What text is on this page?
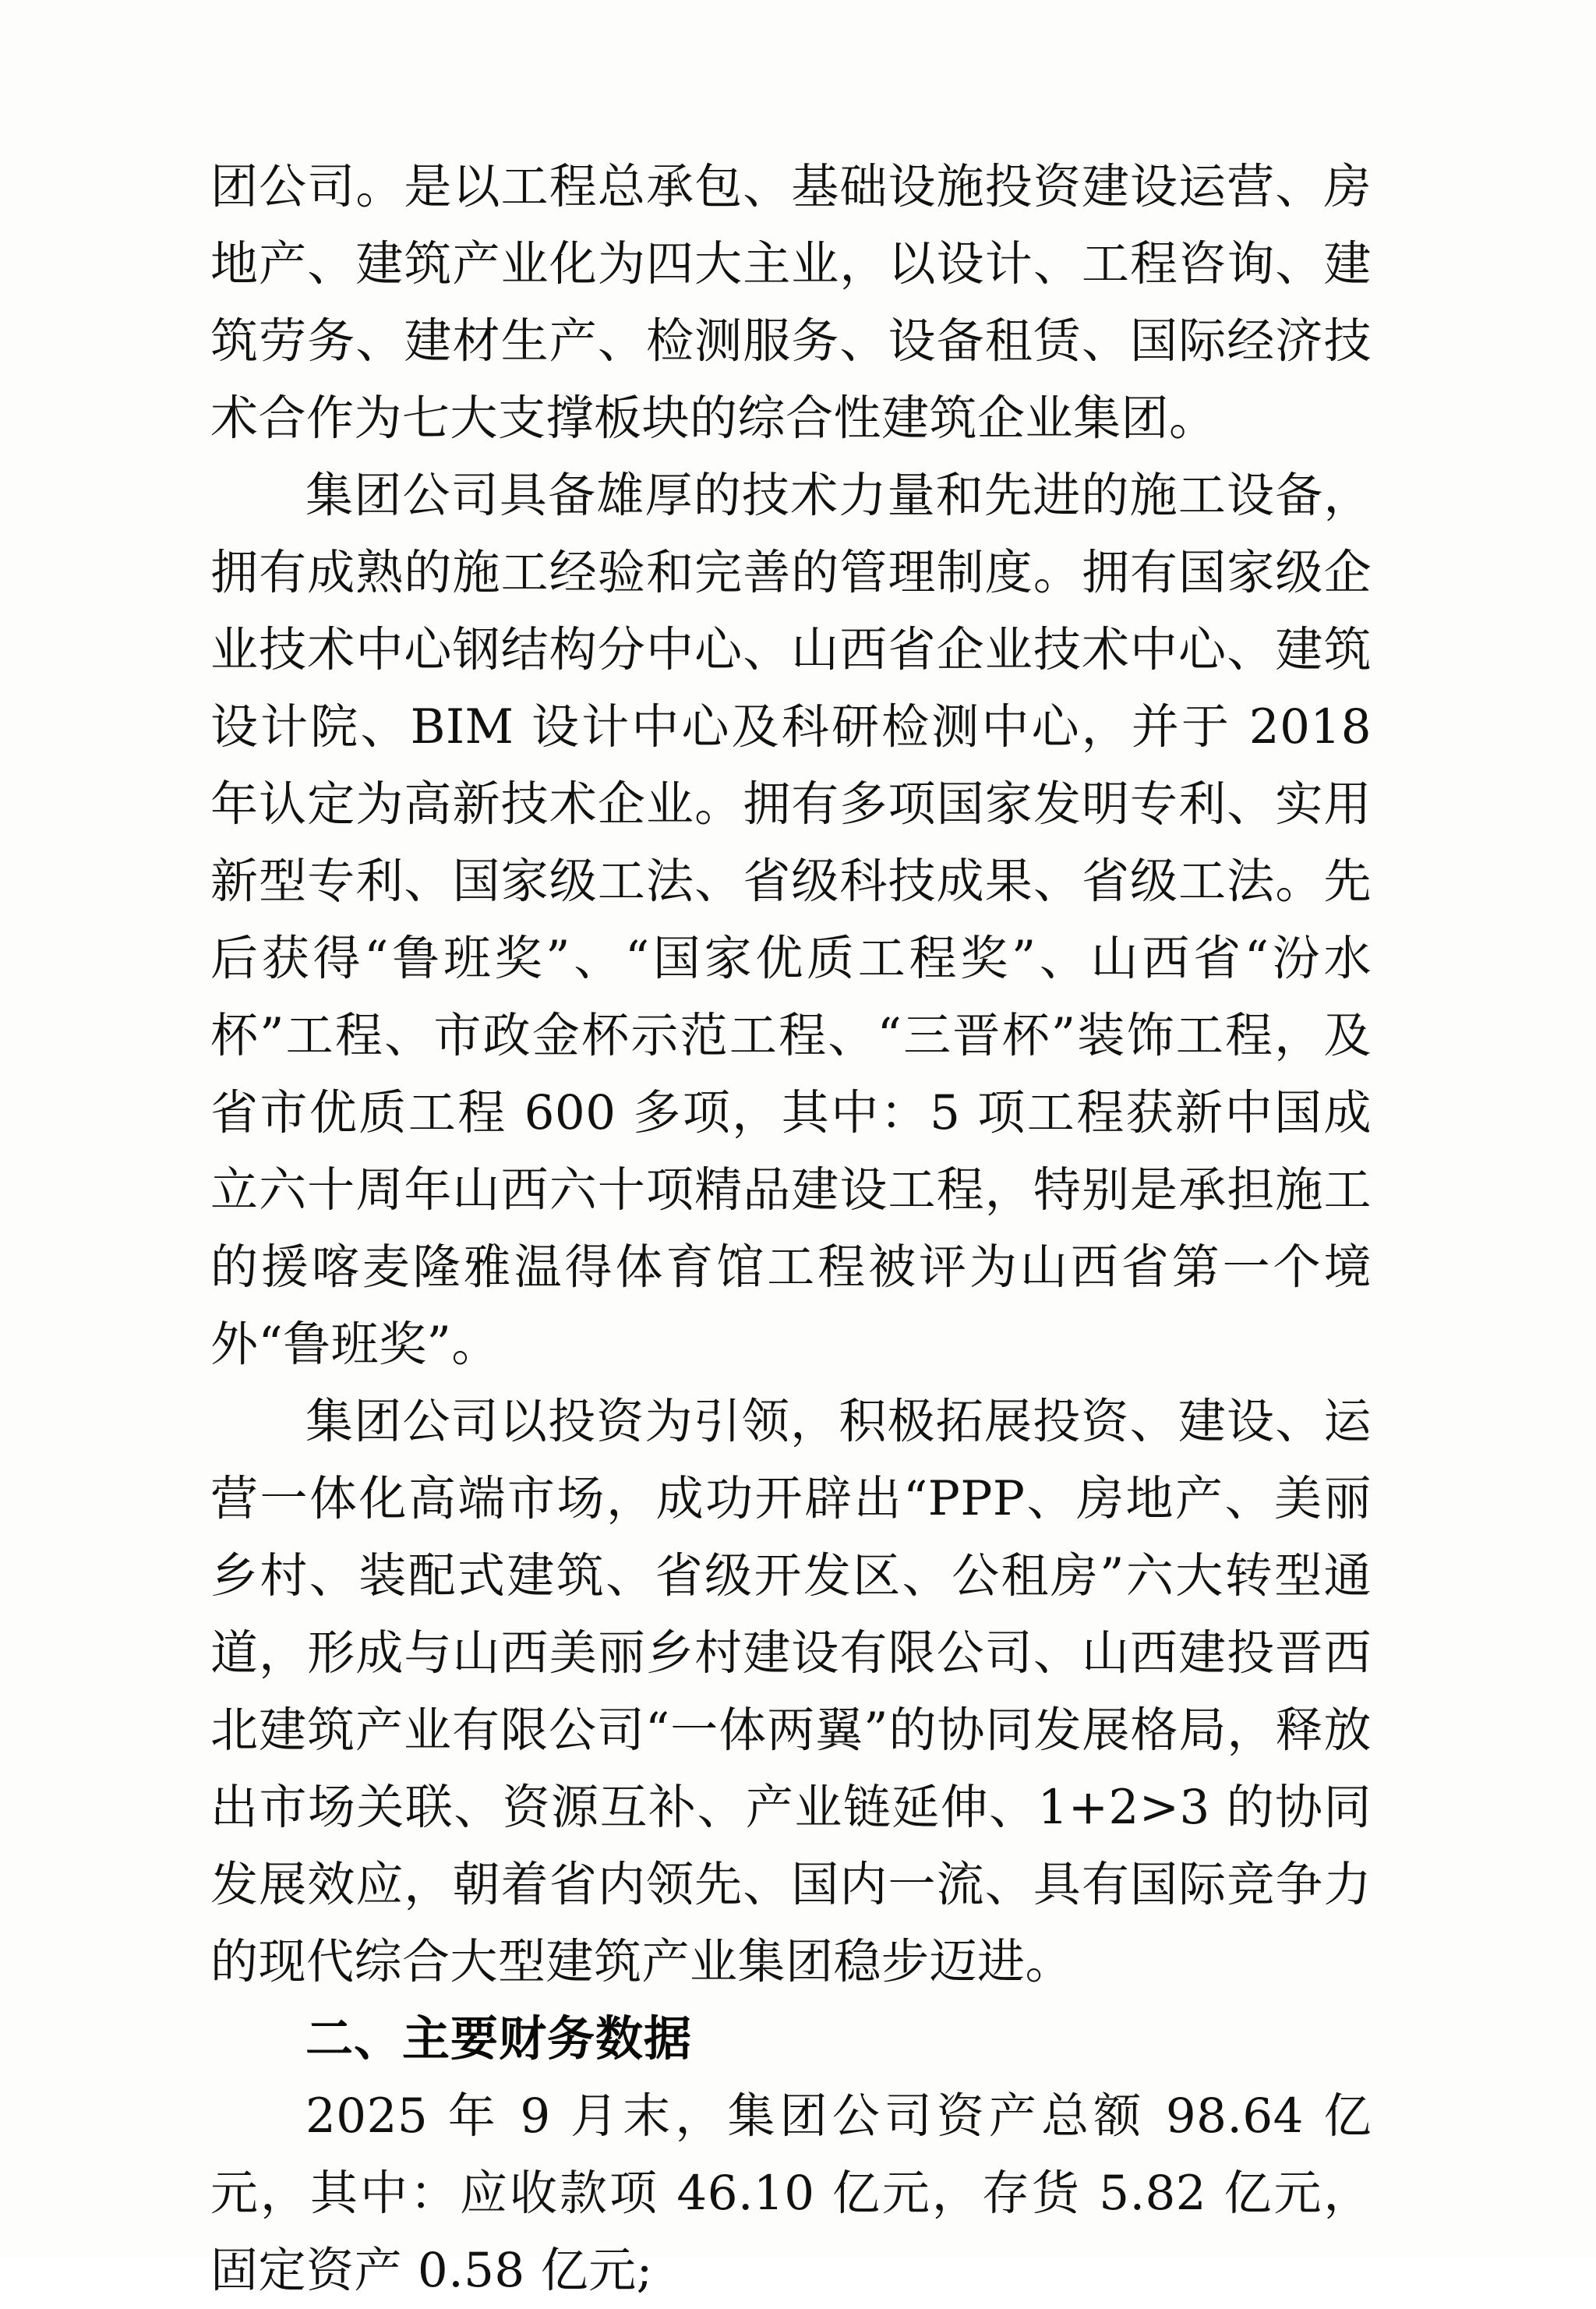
团公司。是以工程总承包、基础设施投资建设运营、房地产、建筑产业化为四大主业，以设计、工程咨询、建筑劳务、建材生产、检测服务、设备租赁、国际经济技术合作为七大支撑板块的综合性建筑企业集团。

集团公司具备雄厚的技术力量和先进的施工设备，拥有成熟的施工经验和完善的管理制度。拥有国家级企业技术中心钢结构分中心、山西省企业技术中心、建筑设计院、BIM 设计中心及科研检测中心，并于 2018 年认定为高新技术企业。拥有多项国家发明专利、实用新型专利、国家级工法、省级科技成果、省级工法。先后获得“鲁班奖”、“国家优质工程奖”、山西省“汾水杯”工程、市政金杯示范工程、“三晋杯”装饰工程，及省市优质工程 600 多项，其中：5 项工程获新中国成立六十周年山西六十项精品建设工程，特别是承担施工的援喀麦隆雅温得体育馆工程被评为山西省第一个境外“鲁班奖”。

集团公司以投资为引领，积极拓展投资、建设、运营一体化高端市场，成功开辟出“PPP、房地产、美丽乡村、装配式建筑、省级开发区、公租房”六大转型通道，形成与山西美丽乡村建设有限公司、山西建投晋西北建筑产业有限公司“一体两翼”的协同发展格局，释放出市场关联、资源互补、产业链延伸、1+2>3 的协同发展效应，朝着省内领先、国内一流、具有国际竞争力的现代综合大型建筑产业集团稳步迈进。

二、主要财务数据

2025 年 9 月末，集团公司资产总额 98.64 亿元，其中：应收款项 46.10 亿元，存货 5.82 亿元，固定资产 0.58 亿元;
